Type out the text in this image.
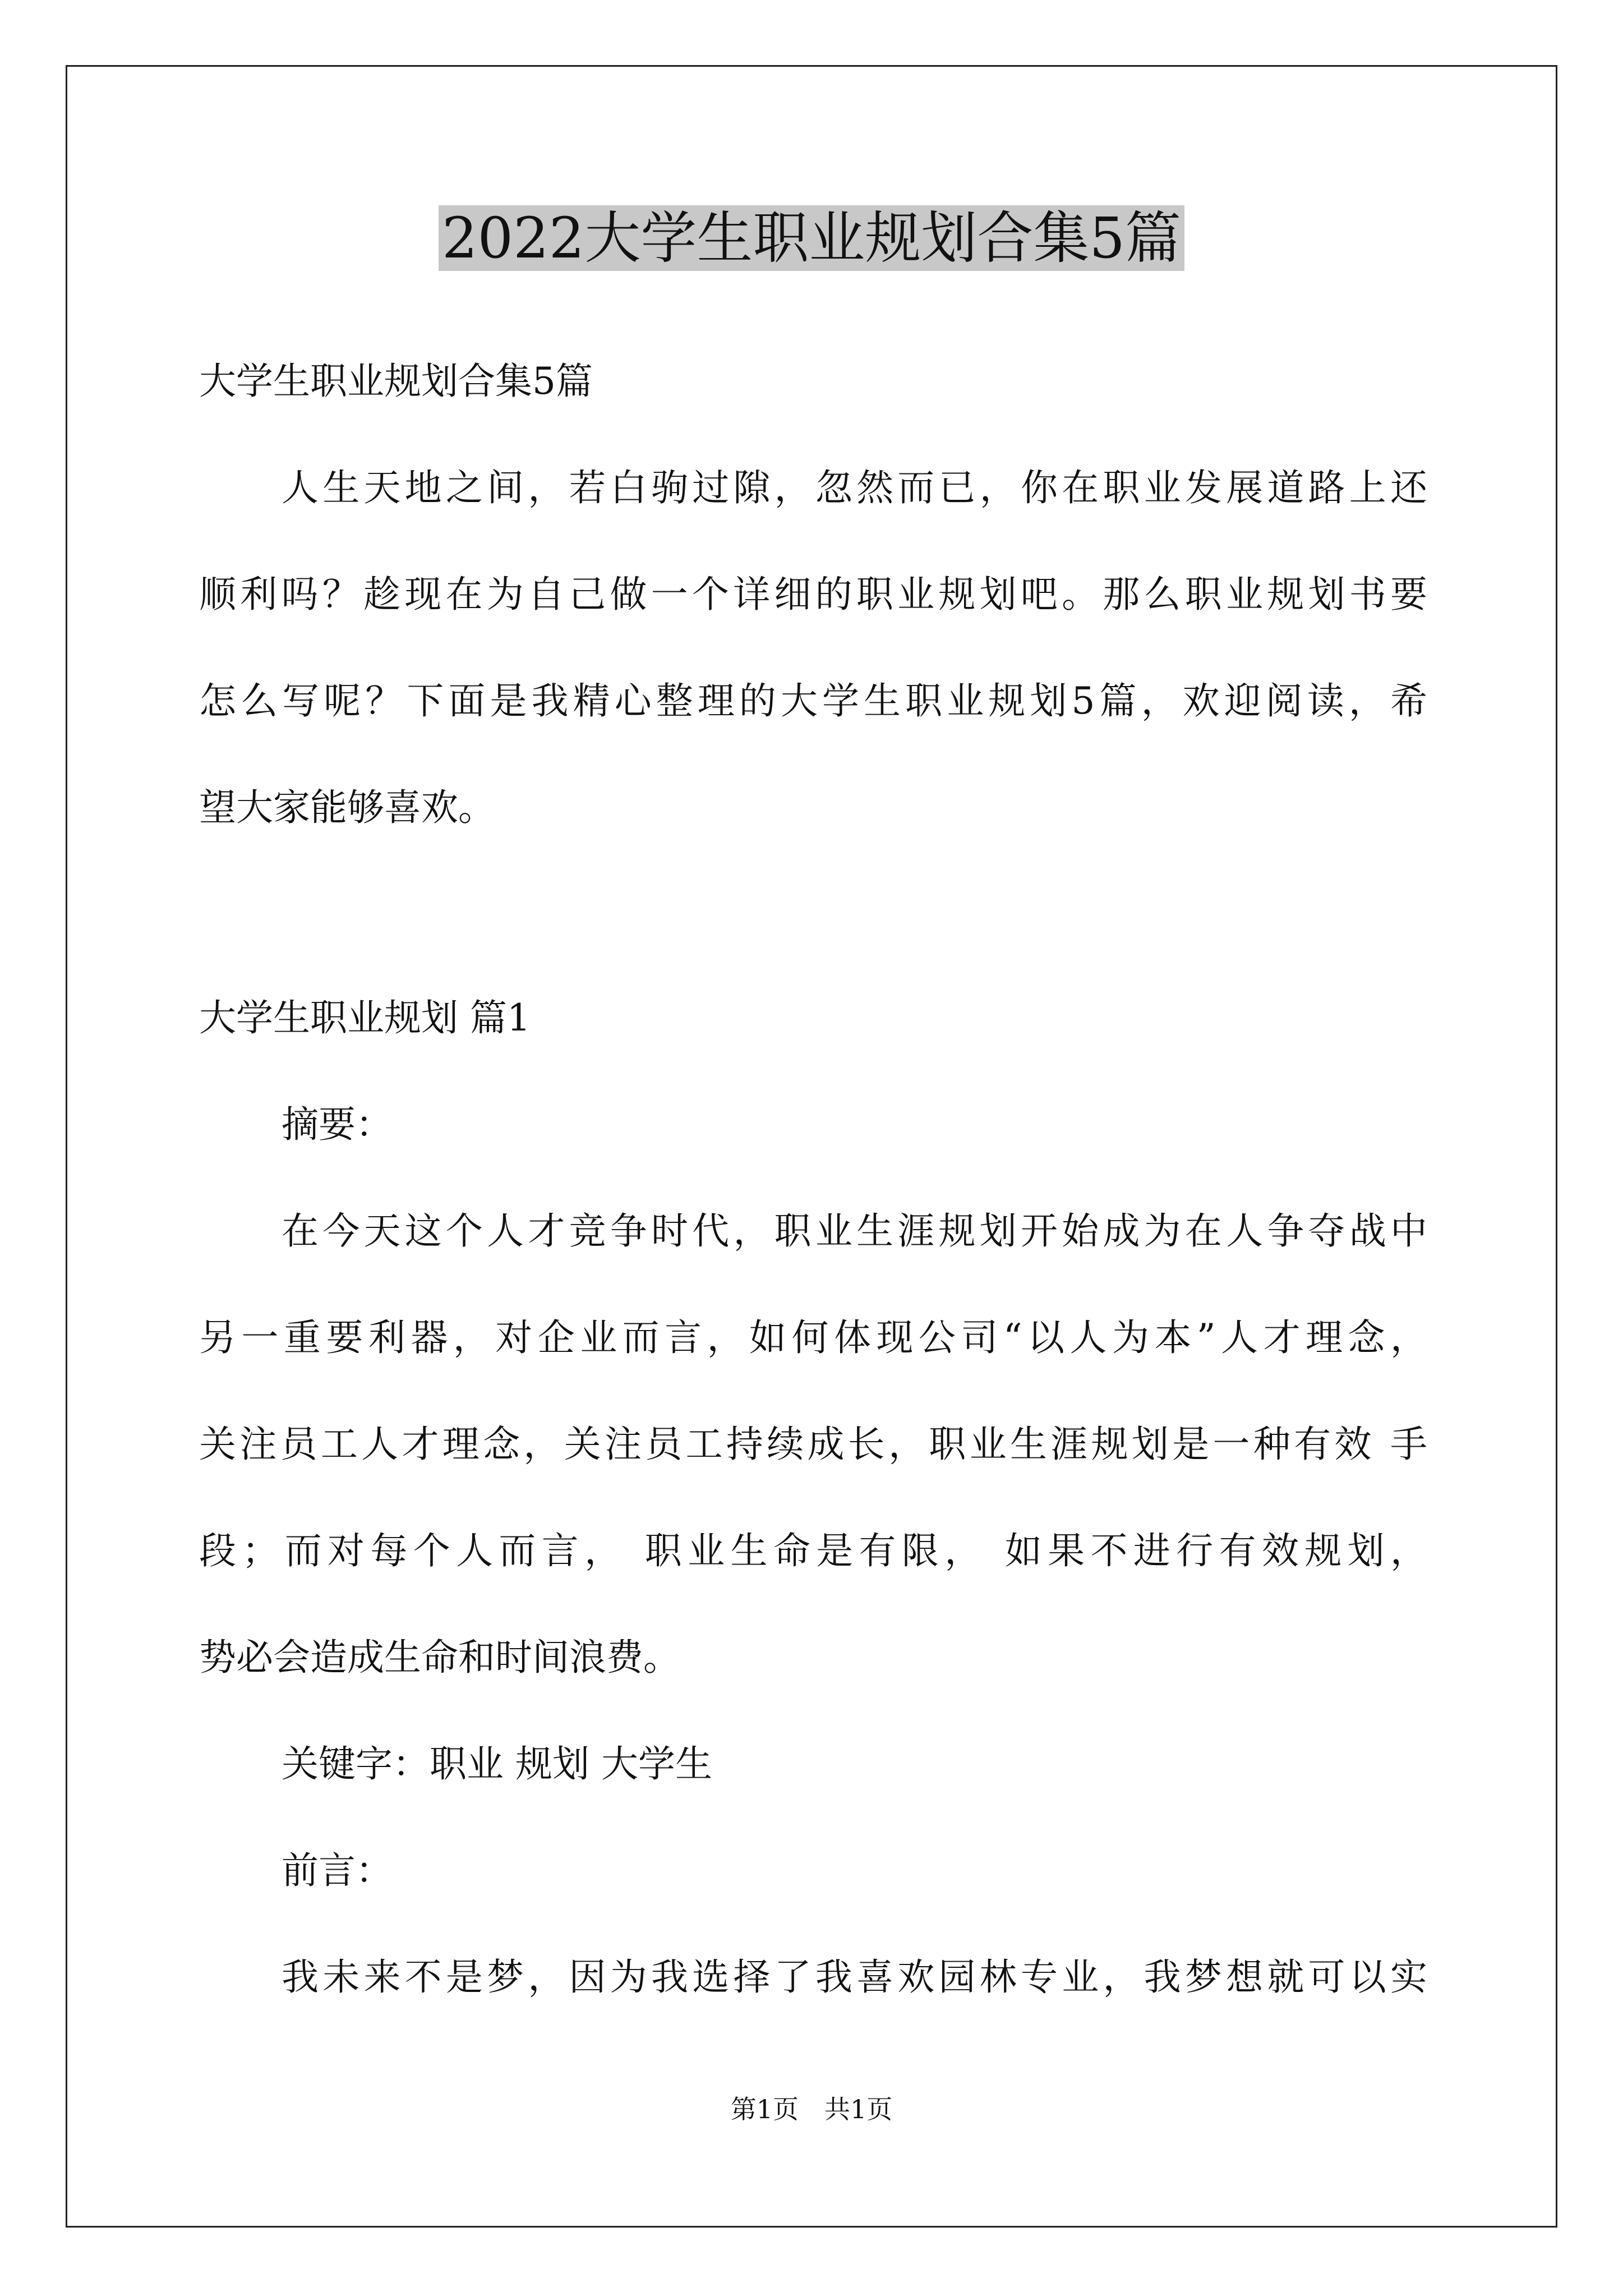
2022大学生职业规划合集5篇
大学生职业规划合集5篇
人生天地之间，若白驹过隙，忽然而已，你在职业发展道路上还
顺利吗？趁现在为自己做一个详细的职业规划吧。那么职业规划书要
怎么写呢？下面是我精心整理的大学生职业规划5篇，欢迎阅读，希
望大家能够喜欢。
大学生职业规划 篇1
摘要：
在今天这个人才竞争时代，职业生涯规划开始成为在人争夺战中
另一重要利器，对企业而言，如何体现公司“以人为本”人才理念，
关注员工人才理念，关注员工持续成长，职业生涯规划是一种有效 手
段；而对每个人而言， 职业生命是有限， 如果不进行有效规划，
势必会造成生命和时间浪费。
关键字：职业 规划 大学生
前言：
我未来不是梦，因为我选择了我喜欢园林专业，我梦想就可以实
第1页　共1页
